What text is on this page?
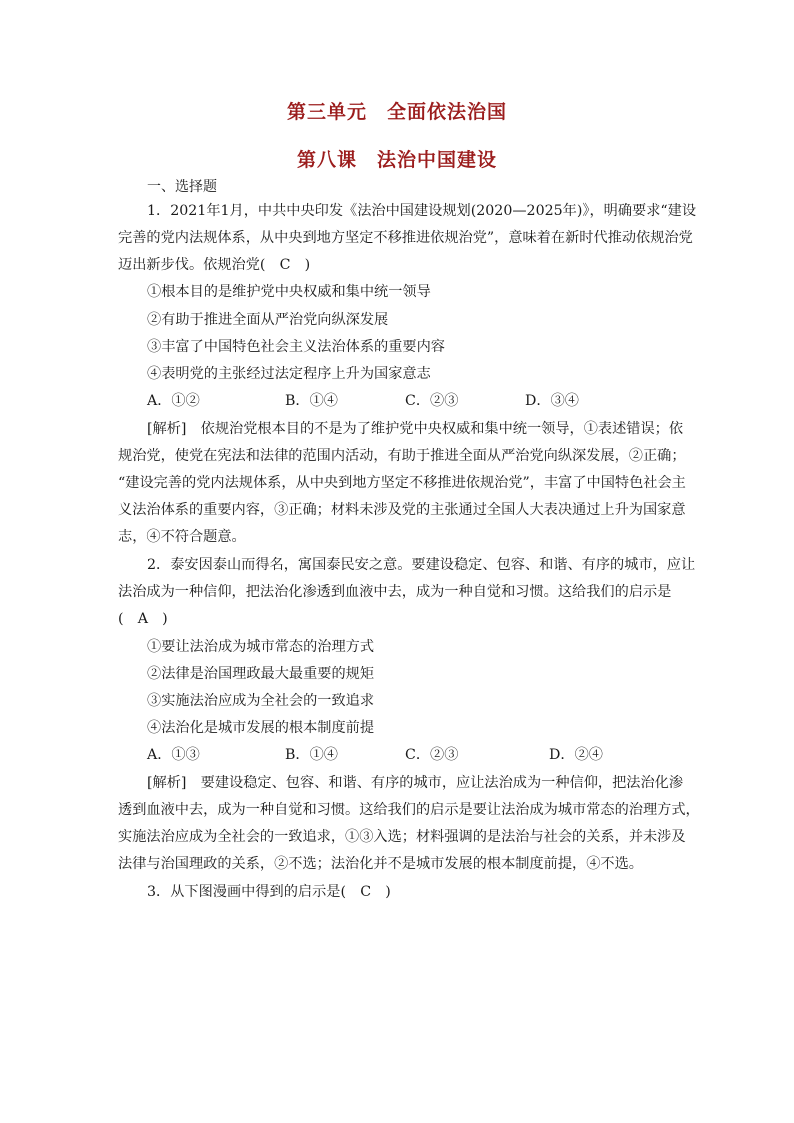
第三单元　全面依法治国
第八课　法治中国建设
一、选择题
1．2021年1月，中共中央印发《法治中国建设规划(2020—2025年)》，明确要求“建设
完善的党内法规体系，从中央到地方坚定不移推进依规治党”，意味着在新时代推动依规治党
迈出新步伐。依规治党(　C　)
①根本目的是维护党中央权威和集中统一领导
②有助于推进全面从严治党向纵深发展
③丰富了中国特色社会主义法治体系的重要内容
④表明党的主张经过法定程序上升为国家意志
A．①②	B．①④	C．②③	D．③④
[解析]　依规治党根本目的不是为了维护党中央权威和集中统一领导，①表述错误；依
规治党，使党在宪法和法律的范围内活动，有助于推进全面从严治党向纵深发展，②正确；
“建设完善的党内法规体系，从中央到地方坚定不移推进依规治党”，丰富了中国特色社会主
义法治体系的重要内容，③正确；材料未涉及党的主张通过全国人大表决通过上升为国家意
志，④不符合题意。
2．泰安因泰山而得名，寓国泰民安之意。要建设稳定、包容、和谐、有序的城市，应让
法治成为一种信仰，把法治化渗透到血液中去，成为一种自觉和习惯。这给我们的启示是
(　A　)
①要让法治成为城市常态的治理方式
②法律是治国理政最大最重要的规矩
③实施法治应成为全社会的一致追求
④法治化是城市发展的根本制度前提
A．①③	B．①④	C．②③	D．②④
[解析]　要建设稳定、包容、和谐、有序的城市，应让法治成为一种信仰，把法治化渗
透到血液中去，成为一种自觉和习惯。这给我们的启示是要让法治成为城市常态的治理方式，
实施法治应成为全社会的一致追求，①③入选；材料强调的是法治与社会的关系，并未涉及
法律与治国理政的关系，②不选；法治化并不是城市发展的根本制度前提，④不选。
3．从下图漫画中得到的启示是(　C　)
